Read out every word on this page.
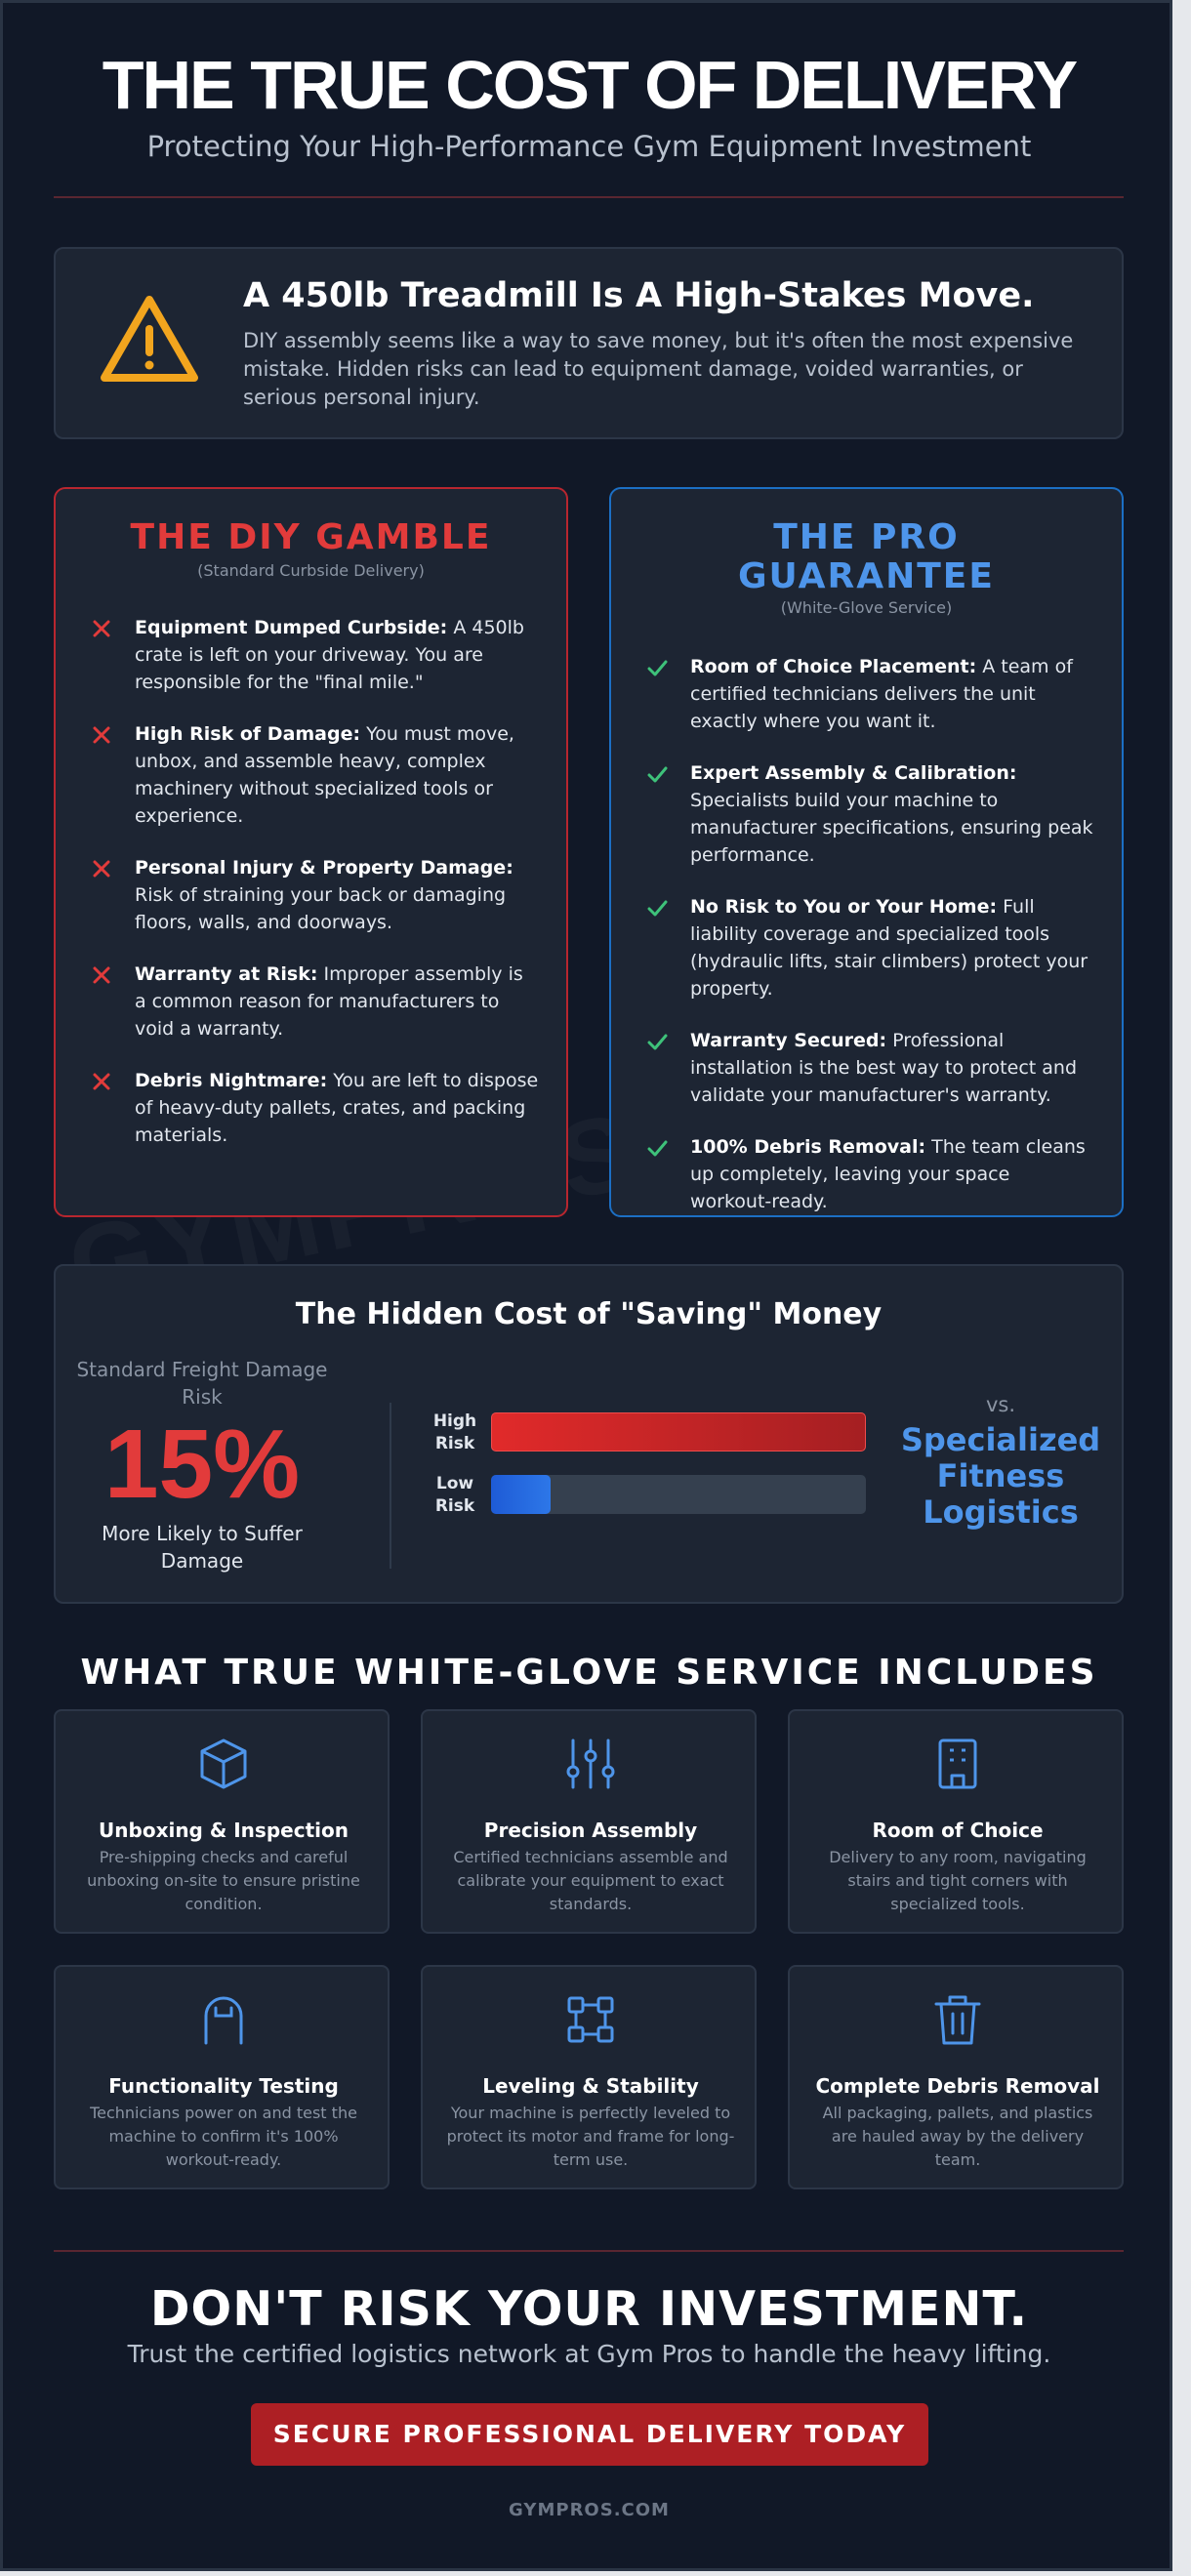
THE TRUE COST OF DELIVERY
Protecting Your High-Performance Gym Equipment Investment
A 450lb Treadmill Is A High-Stakes Move.
DIY assembly seems like a way to save money, but it's often the most expensive mistake. Hidden risks can lead to equipment damage, voided warranties, or serious personal injury.
THE DIY GAMBLE
(Standard Curbside Delivery)
Equipment Dumped Curbside: A 450lb crate is left on your driveway. You are responsible for the "final mile."
High Risk of Damage: You must move, unbox, and assemble heavy, complex machinery without specialized tools or experience.
Personal Injury & Property Damage: Risk of straining your back or damaging floors, walls, and doorways.
Warranty at Risk: Improper assembly is a common reason for manufacturers to void a warranty.
Debris Nightmare: You are left to dispose of heavy-duty pallets, crates, and packing materials.
THE PRO GUARANTEE
(White-Glove Service)
Room of Choice Placement: A team of certified technicians delivers the unit exactly where you want it.
Expert Assembly & Calibration: Specialists build your machine to manufacturer specifications, ensuring peak performance.
No Risk to You or Your Home: Full liability coverage and specialized tools (hydraulic lifts, stair climbers) protect your property.
Warranty Secured: Professional installation is the best way to protect and validate your manufacturer's warranty.
100% Debris Removal: The team cleans up completely, leaving your space workout-ready.
The Hidden Cost of "Saving" Money
Standard Freight Damage Risk
15%
More Likely to Suffer Damage
High Risk
Low Risk
vs.
Specialized Fitness Logistics
WHAT TRUE WHITE-GLOVE SERVICE INCLUDES
Unboxing & Inspection
Pre-shipping checks and careful unboxing on-site to ensure pristine condition.
Precision Assembly
Certified technicians assemble and calibrate your equipment to exact standards.
Room of Choice
Delivery to any room, navigating stairs and tight corners with specialized tools.
Functionality Testing
Technicians power on and test the machine to confirm it's 100% workout-ready.
Leveling & Stability
Your machine is perfectly leveled to protect its motor and frame for long-term use.
Complete Debris Removal
All packaging, pallets, and plastics are hauled away by the delivery team.
DON'T RISK YOUR INVESTMENT.
Trust the certified logistics network at Gym Pros to handle the heavy lifting.
SECURE PROFESSIONAL DELIVERY TODAY
GYMPROS.COM
